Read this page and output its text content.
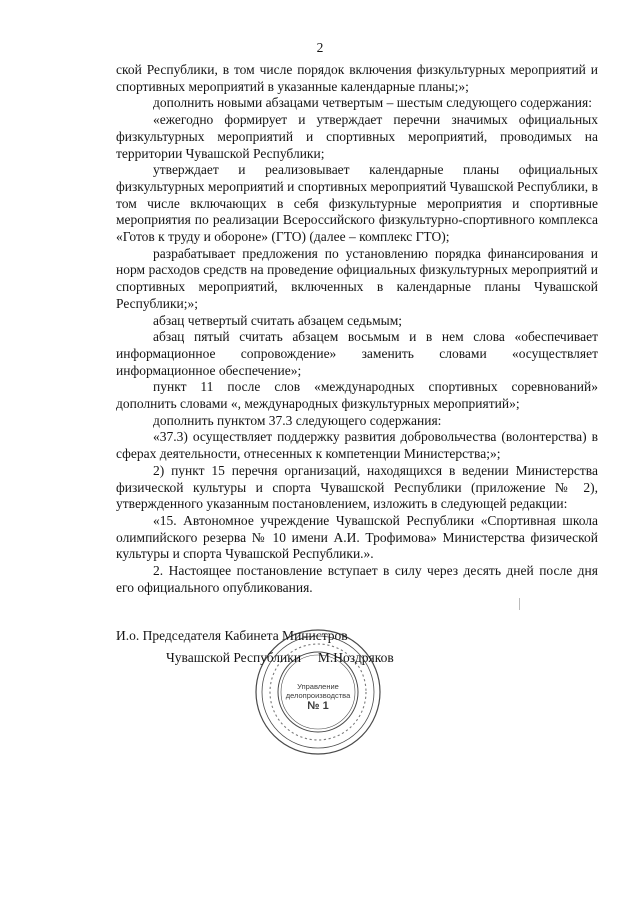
2

ской Республики, в том числе порядок включения физкультурных мероприятий и спортивных мероприятий в указанные календарные планы;»;

дополнить новыми абзацами четвертым – шестым следующего содержания:

«ежегодно формирует и утверждает перечни значимых официальных физкультурных мероприятий и спортивных мероприятий, проводимых на территории Чувашской Республики;

утверждает и реализовывает календарные планы официальных физкультурных мероприятий и спортивных мероприятий Чувашской Республики, в том числе включающих в себя физкультурные мероприятия и спортивные мероприятия по реализации Всероссийского физкультурно-спортивного комплекса «Готов к труду и обороне» (ГТО) (далее – комплекс ГТО);

разрабатывает предложения по установлению порядка финансирования и норм расходов средств на проведение официальных физкультурных мероприятий и спортивных мероприятий, включенных в календарные планы Чувашской Республики;»;

абзац четвертый считать абзацем седьмым;

абзац пятый считать абзацем восьмым и в нем слова «обеспечивает информационное сопровождение» заменить словами «осуществляет информационное обеспечение»;

пункт 11 после слов «международных спортивных соревнований» дополнить словами «, международных физкультурных мероприятий»;

дополнить пунктом 37.3 следующего содержания:

«37.3) осуществляет поддержку развития добровольчества (волонтерства) в сферах деятельности, отнесенных к компетенции Министерства;»;

2) пункт 15 перечня организаций, находящихся в ведении Министерства физической культуры и спорта Чувашской Республики (приложение № 2), утвержденного указанным постановлением, изложить в следующей редакции:

«15. Автономное учреждение Чувашской Республики «Спортивная школа олимпийского резерва № 10 имени А.И. Трофимова» Министерства физической культуры и спорта Чувашской Республики.».

2. Настоящее постановление вступает в силу через десять дней после дня его официального опубликования.

Управление
делопроизводства
№ 1
И.о. Председателя Кабинета Министров
Чувашской Республики     М.Ноздряков
